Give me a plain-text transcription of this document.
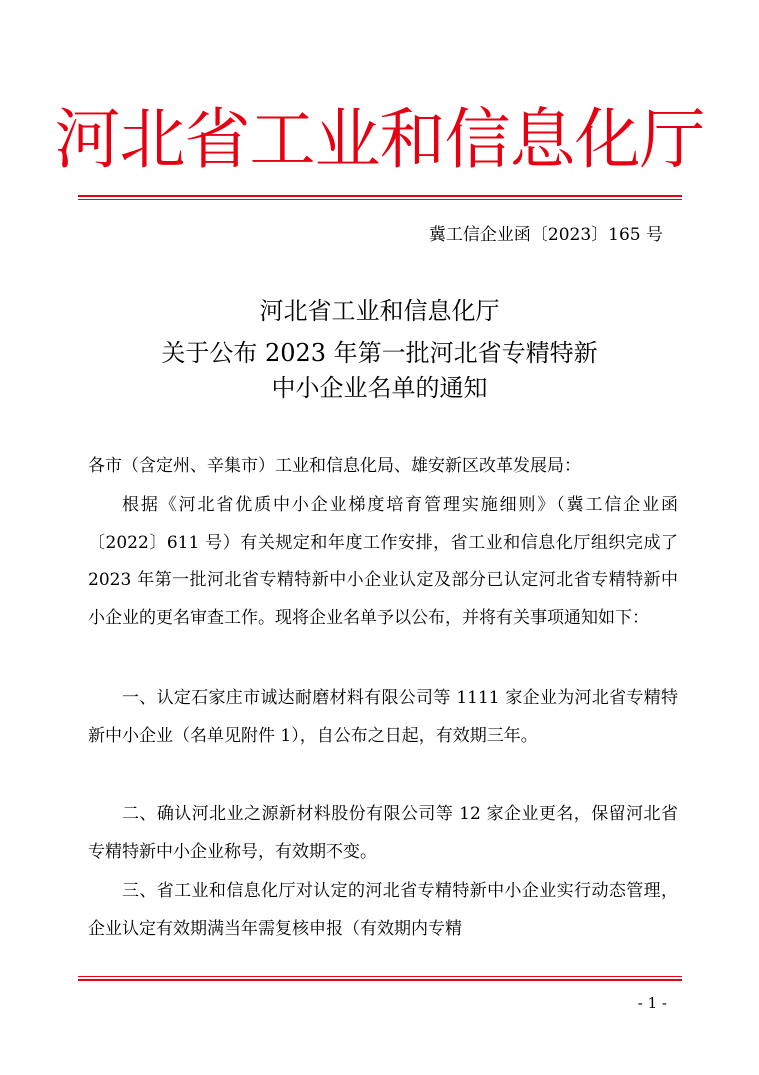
河北省工业和信息化厅
冀工信企业函〔2023〕165 号
河北省工业和信息化厅
关于公布 2023 年第一批河北省专精特新
中小企业名单的通知
各市（含定州、辛集市）工业和信息化局、雄安新区改革发展局：

根据《河北省优质中小企业梯度培育管理实施细则》（冀工信企业函〔2022〕611 号）有关规定和年度工作安排，省工业和信息化厅组织完成了 2023 年第一批河北省专精特新中小企业认定及部分已认定河北省专精特新中小企业的更名审查工作。现将企业名单予以公布，并将有关事项通知如下：

一、认定石家庄市诚达耐磨材料有限公司等 1111 家企业为河北省专精特新中小企业（名单见附件 1），自公布之日起，有效期三年。

二、确认河北业之源新材料股份有限公司等 12 家企业更名，保留河北省专精特新中小企业称号，有效期不变。

三、省工业和信息化厅对认定的河北省专精特新中小企业实行动态管理，企业认定有效期满当年需复核申报（有效期内专精

- 1 -
